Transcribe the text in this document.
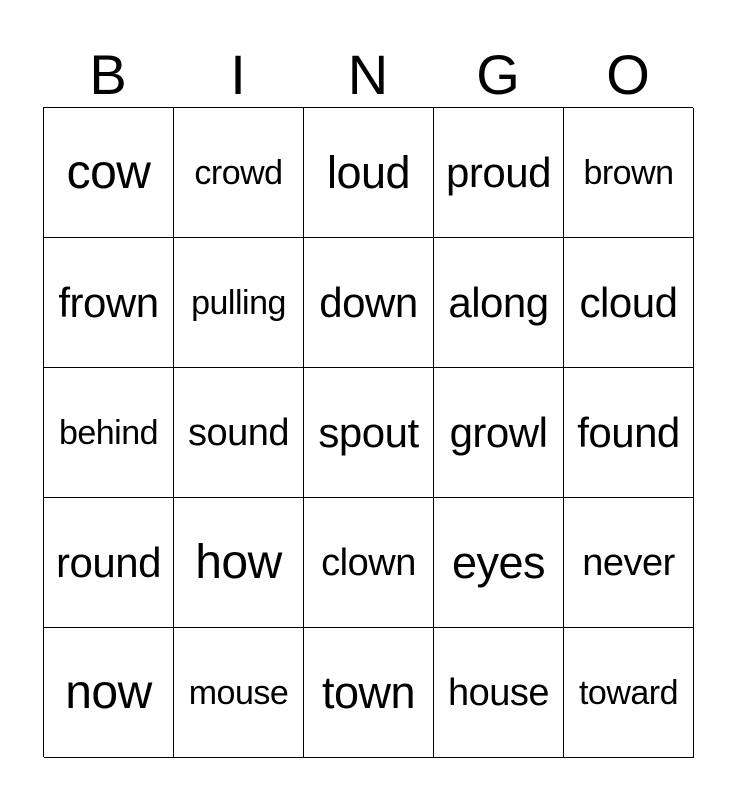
B	I	N	G	O
cow	crowd loud proud brown
frown pulling down along cloud
behind sound spout growl found
round how	clown eyes never
now	mouse town house toward
